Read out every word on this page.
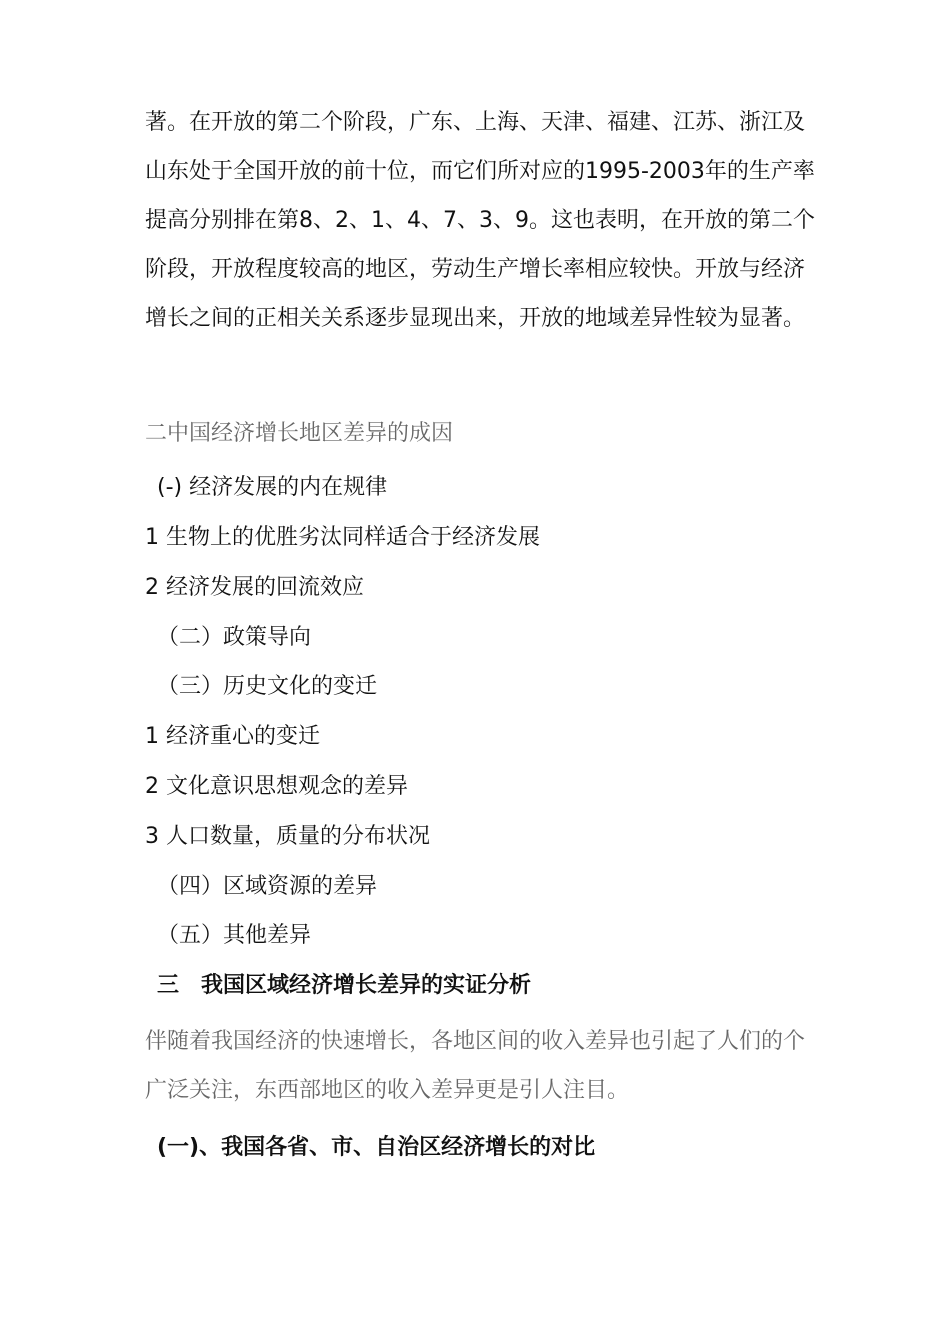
著。在开放的第二个阶段，广东、上海、天津、福建、江苏、浙江及
山东处于全国开放的前十位，而它们所对应的1995-2003年的生产率
提高分别排在第8、2、1、4、7、3、9。这也表明，在开放的第二个
阶段，开放程度较高的地区，劳动生产增长率相应较快。开放与经济
增长之间的正相关关系逐步显现出来，开放的地域差异性较为显著。
二中国经济增长地区差异的成因
(-) 经济发展的内在规律
1 生物上的优胜劣汰同样适合于经济发展
2 经济发展的回流效应
（二）政策导向
（三）历史文化的变迁
1 经济重心的变迁
2 文化意识思想观念的差异
3 人口数量，质量的分布状况
（四）区域资源的差异
（五）其他差异
三　我国区域经济增长差异的实证分析
伴随着我国经济的快速增长，各地区间的收入差异也引起了人们的个
广泛关注，东西部地区的收入差异更是引人注目。
(一)、我国各省、市、自治区经济增长的对比
